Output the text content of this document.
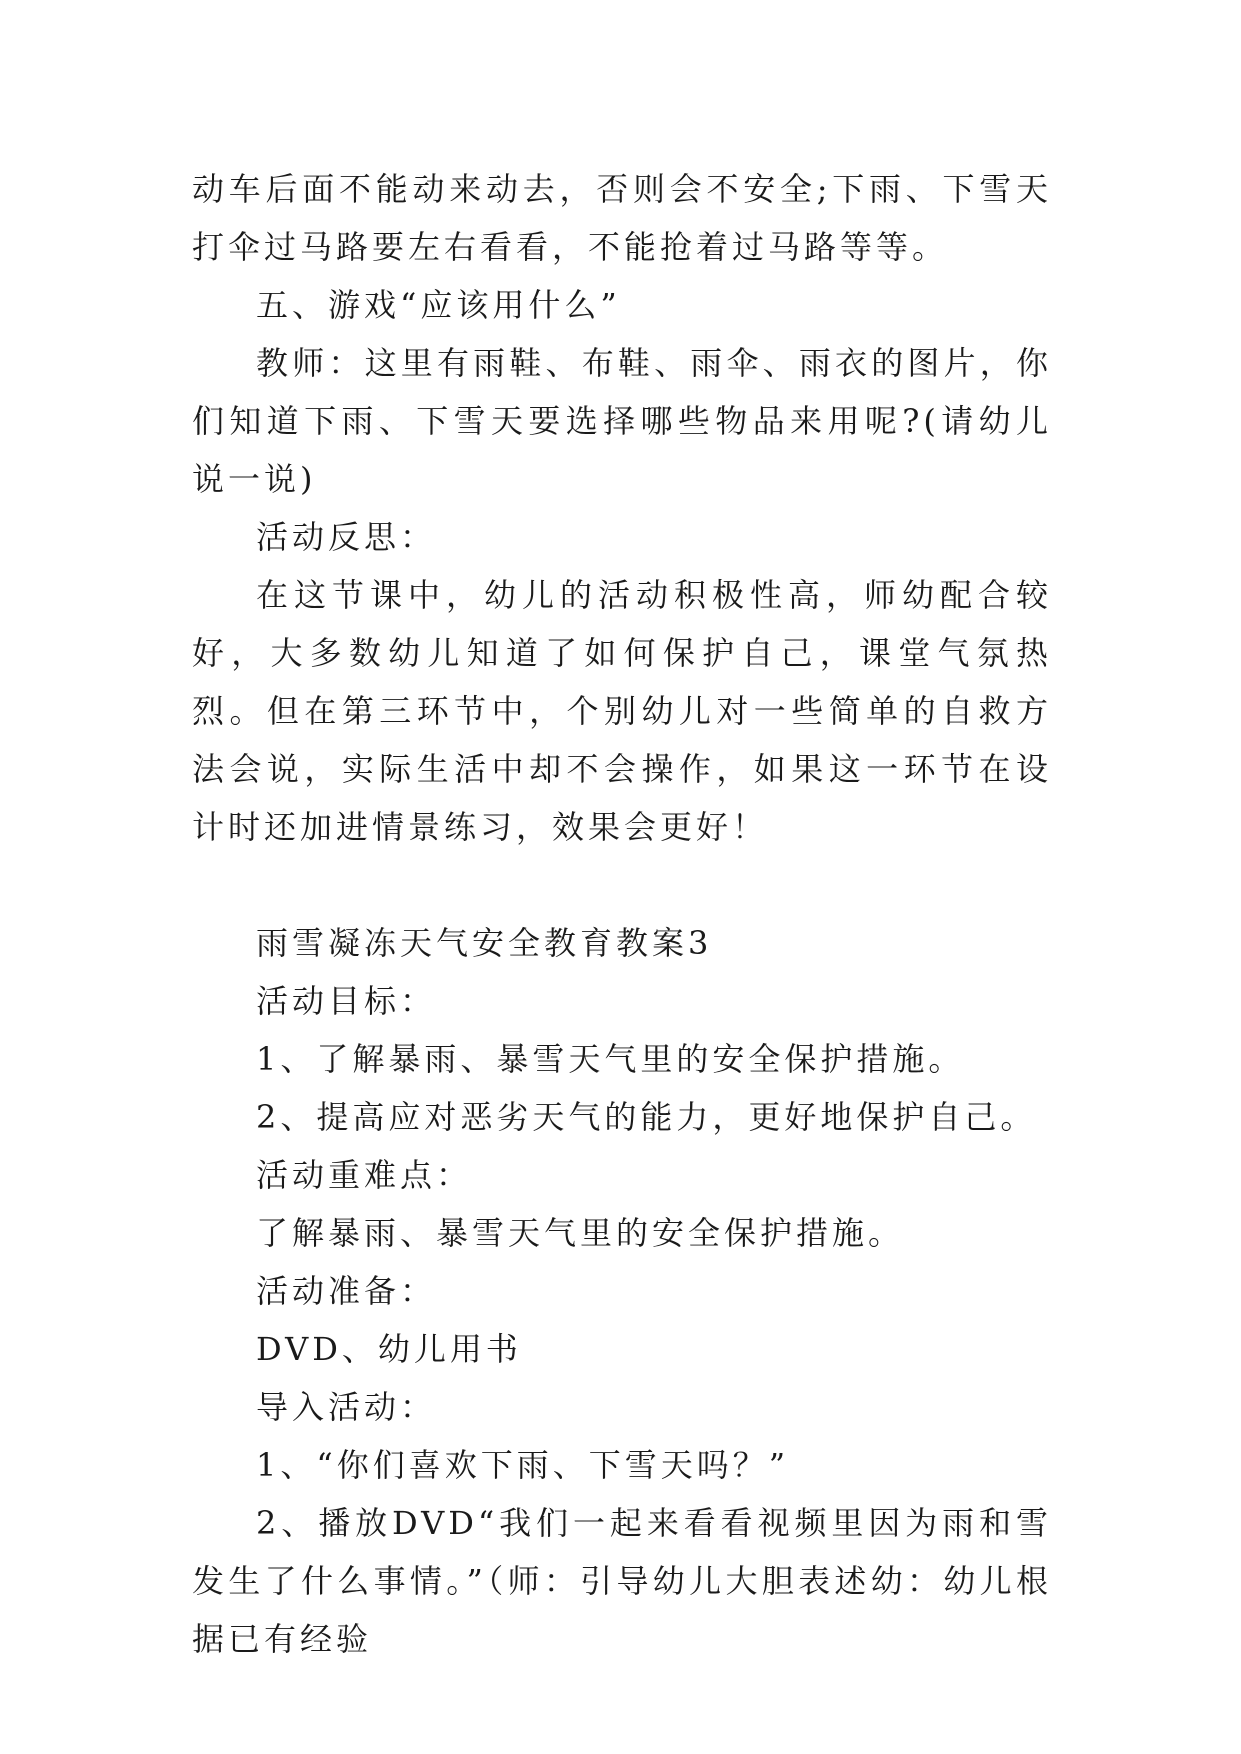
动车后面不能动来动去，否则会不安全;下雨、下雪天打伞过马路要左右看看，不能抢着过马路等等。

五、游戏“应该用什么”

教师：这里有雨鞋、布鞋、雨伞、雨衣的图片，你们知道下雨、下雪天要选择哪些物品来用呢?(请幼儿说一说)

活动反思：

在这节课中，幼儿的活动积极性高，师幼配合较好，大多数幼儿知道了如何保护自己，课堂气氛热烈。但在第三环节中，个别幼儿对一些简单的自救方法会说，实际生活中却不会操作，如果这一环节在设计时还加进情景练习，效果会更好！

雨雪凝冻天气安全教育教案3

活动目标：

1、了解暴雨、暴雪天气里的安全保护措施。

2、提高应对恶劣天气的能力，更好地保护自己。

活动重难点：

了解暴雨、暴雪天气里的安全保护措施。

活动准备：

DVD、幼儿用书

导入活动：

1、“你们喜欢下雨、下雪天吗？”

2、播放DVD“我们一起来看看视频里因为雨和雪发生了什么事情。”（师：引导幼儿大胆表述幼：幼儿根据已有经验
